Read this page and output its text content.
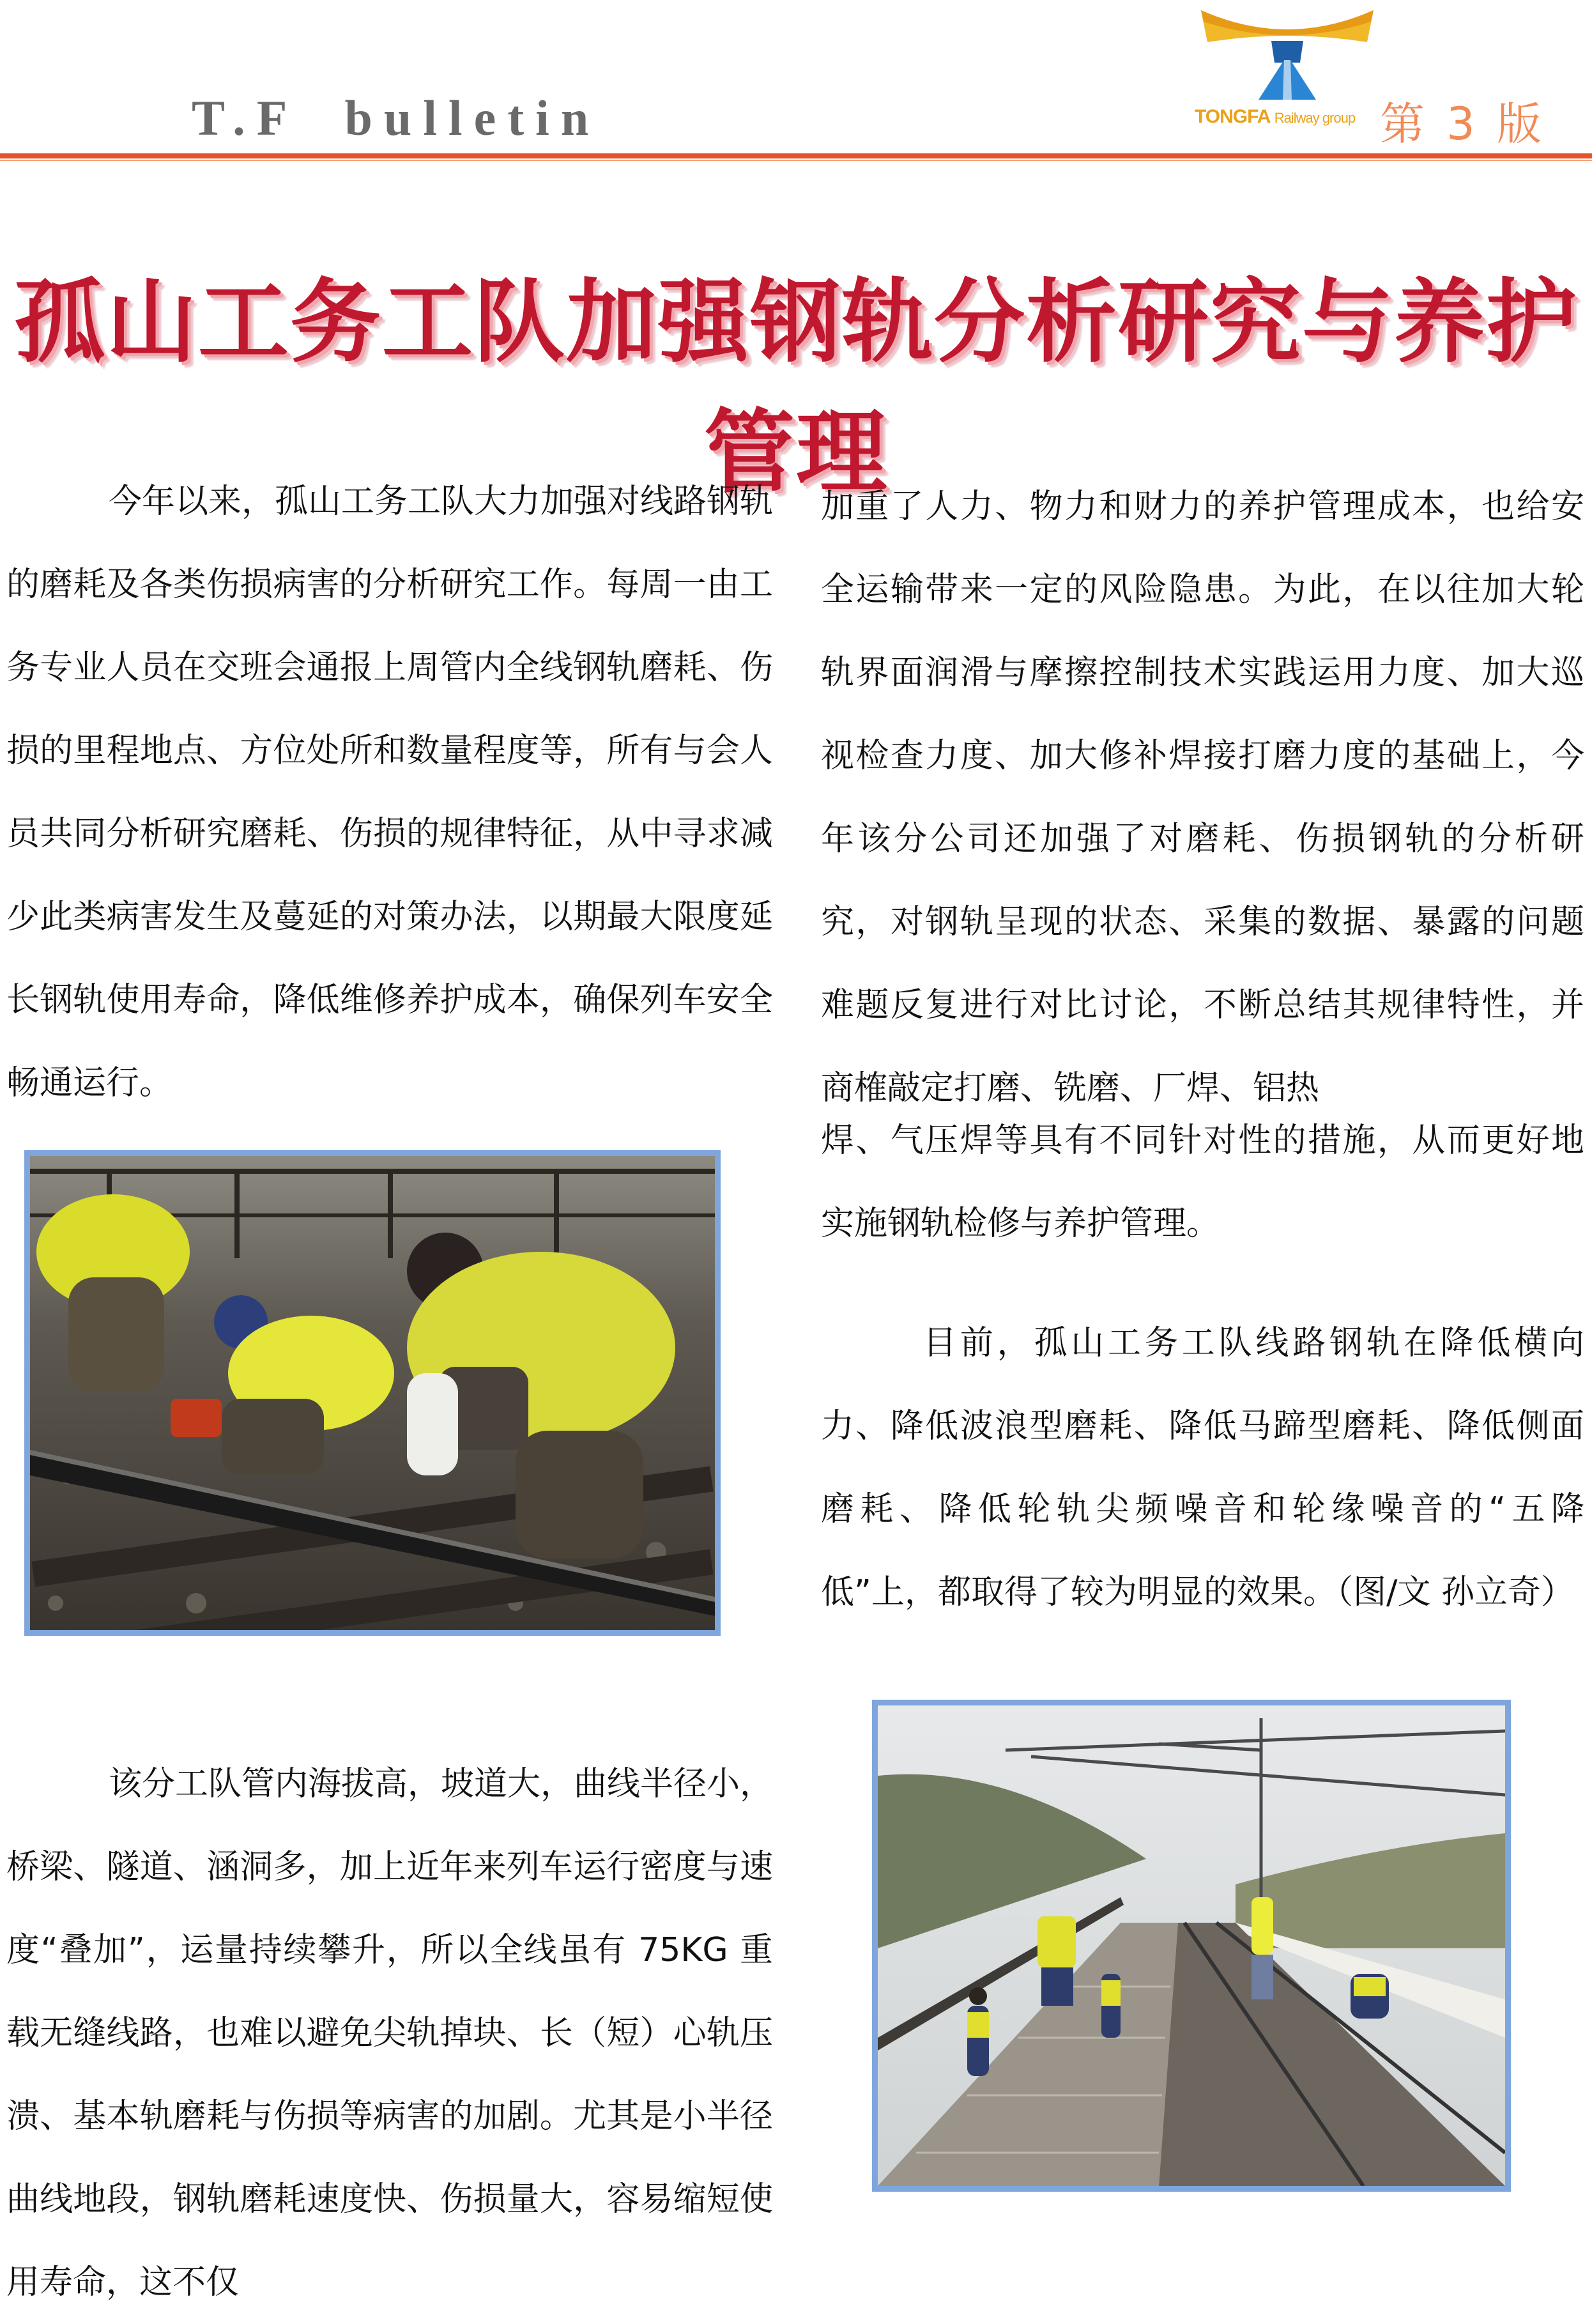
T.F  bulletin	TONGFA Railway group 第 3 版
孤山工务工队加强钢轨分析研究与养护管理

今年以来，孤山工务工队大力加强对线路钢轨的磨耗及各类伤损病害的分析研究工作。每周一由工务专业人员在交班会通报上周管内全线钢轨磨耗、伤损的里程地点、方位处所和数量程度等，所有与会人员共同分析研究磨耗、伤损的规律特征，从中寻求减少此类病害发生及蔓延的对策办法，以期最大限度延长钢轨使用寿命，降低维修养护成本，确保列车安全畅通运行。

加重了人力、物力和财力的养护管理成本，也给安全运输带来一定的风险隐患。为此，在以往加大轮轨界面润滑与摩擦控制技术实践运用力度、加大巡视检查力度、加大修补焊接打磨力度的基础上，今年该分公司还加强了对磨耗、伤损钢轨的分析研究，对钢轨呈现的状态、采集的数据、暴露的问题难题反复进行对比讨论，不断总结其规律特性，并商榷敲定打磨、铣磨、厂焊、铝热

焊、气压焊等具有不同针对性的措施，从而更好地实施钢轨检修与养护管理。

目前，孤山工务工队线路钢轨在降低横向力、降低波浪型磨耗、降低马蹄型磨耗、降低侧面磨耗、降低轮轨尖频噪音和轮缘噪音的“五降低”上，都取得了较为明显的效果。（图/文 孙立奇）

该分工队管内海拔高，坡道大，曲线半径小，桥梁、隧道、涵洞多，加上近年来列车运行密度与速度“叠加”，运量持续攀升，所以全线虽有 75KG 重载无缝线路，也难以避免尖轨掉块、长（短）心轨压溃、基本轨磨耗与伤损等病害的加剧。尤其是小半径曲线地段，钢轨磨耗速度快、伤损量大，容易缩短使用寿命，这不仅
